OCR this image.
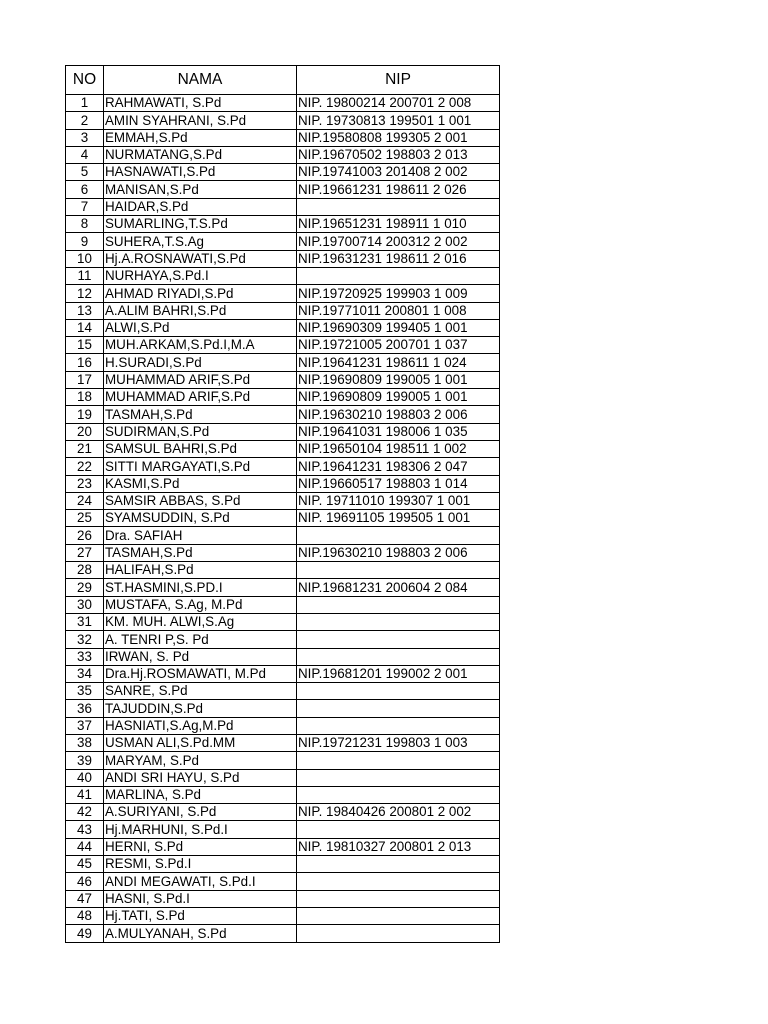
NO	NAMA	NIP
1	RAHMAWATI, S.Pd	NIP. 19800214 200701 2 008
2	AMIN SYAHRANI, S.Pd	NIP. 19730813 199501 1 001
3	EMMAH,S.Pd	NIP.19580808 199305 2 001
4	NURMATANG,S.Pd	NIP.19670502 198803 2 013
5	HASNAWATI,S.Pd	NIP.19741003 201408 2 002
6	MANISAN,S.Pd	NIP.19661231 198611 2 026
7	HAIDAR,S.Pd	
8	SUMARLING,T.S.Pd	NIP.19651231 198911 1 010
9	SUHERA,T.S.Ag	NIP.19700714 200312 2 002
10	Hj.A.ROSNAWATI,S.Pd	NIP.19631231 198611 2 016
11	NURHAYA,S.Pd.I	
12	AHMAD RIYADI,S.Pd	NIP.19720925 199903 1 009
13	A.ALIM BAHRI,S.Pd	NIP.19771011 200801 1 008
14	ALWI,S.Pd	NIP.19690309 199405 1 001
15	MUH.ARKAM,S.Pd.I,M.A	NIP.19721005 200701 1 037
16	H.SURADI,S.Pd	NIP.19641231 198611 1 024
17	MUHAMMAD ARIF,S.Pd	NIP.19690809 199005 1 001
18	MUHAMMAD ARIF,S.Pd	NIP.19690809 199005 1 001
19	TASMAH,S.Pd	NIP.19630210 198803 2 006
20	SUDIRMAN,S.Pd	NIP.19641031 198006 1 035
21	SAMSUL BAHRI,S.Pd	NIP.19650104 198511 1 002
22	SITTI MARGAYATI,S.Pd	NIP.19641231 198306 2 047
23	KASMI,S.Pd	NIP.19660517 198803 1 014
24	SAMSIR ABBAS, S.Pd	NIP. 19711010 199307 1 001
25	SYAMSUDDIN, S.Pd	NIP. 19691105 199505 1 001
26	Dra. SAFIAH	
27	TASMAH,S.Pd	NIP.19630210 198803 2 006
28	HALIFAH,S.Pd	
29	ST.HASMINI,S.PD.I	NIP.19681231 200604 2 084
30	MUSTAFA, S.Ag, M.Pd	
31	KM. MUH. ALWI,S.Ag	
32	A. TENRI P,S. Pd	
33	IRWAN, S. Pd	
34	Dra.Hj.ROSMAWATI, M.Pd	NIP.19681201 199002 2 001
35	SANRE, S.Pd	
36	TAJUDDIN,S.Pd	
37	HASNIATI,S.Ag,M.Pd	
38	USMAN ALI,S.Pd.MM	NIP.19721231 199803 1 003
39	MARYAM, S.Pd	
40	ANDI SRI HAYU, S.Pd	
41	MARLINA, S.Pd	
42	A.SURIYANI, S.Pd	NIP. 19840426 200801 2 002
43	Hj.MARHUNI, S.Pd.I	
44	HERNI, S.Pd	NIP. 19810327 200801 2 013
45	RESMI, S.Pd.I	
46	ANDI MEGAWATI, S.Pd.I	
47	HASNI, S.Pd.I	
48	Hj.TATI, S.Pd	
49	A.MULYANAH, S.Pd	
